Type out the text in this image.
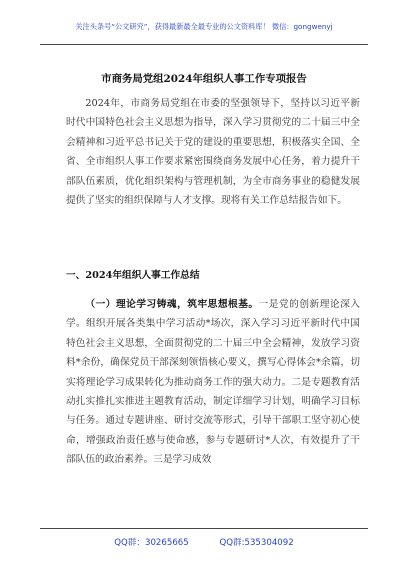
关注头条号“公文研究”，获得最新最全最专业的公文资料库！ 微信：gongwenyj
市商务局党组2024年组织人事工作专项报告

2024年，市商务局党组在市委的坚强领导下，坚持以习近平新时代中国特色社会主义思想为指导，深入学习贯彻党的二十届三中全会精神和习近平总书记关于党的建设的重要思想，积极落实全国、全省、全市组织人事工作要求紧密围绕商务发展中心任务，着力提升干部队伍素质，优化组织架构与管理机制，为全市商务事业的稳健发展提供了坚实的组织保障与人才支撑。现将有关工作总结报告如下。

一、2024年组织人事工作总结

（一）理论学习铸魂，筑牢思想根基。一是党的创新理论深入学。组织开展各类集中学习活动*场次，深入学习习近平新时代中国特色社会主义思想，全面贯彻党的二十届三中全会精神，发放学习资料*余份，确保党员干部深刻领悟核心要义，撰写心得体会*余篇，切实将理论学习成果转化为推动商务工作的强大动力。二是专题教育活动扎实推扎实推进主题教育活动，制定详细学习计划，明确学习目标与任务。通过专题讲座、研讨交流等形式，引导干部职工坚守初心使命，增强政治责任感与使命感，参与专题研讨*人次，有效提升了干部队伍的政治素养。三是学习成效

QQ群：30265665	QQ群:535304092
